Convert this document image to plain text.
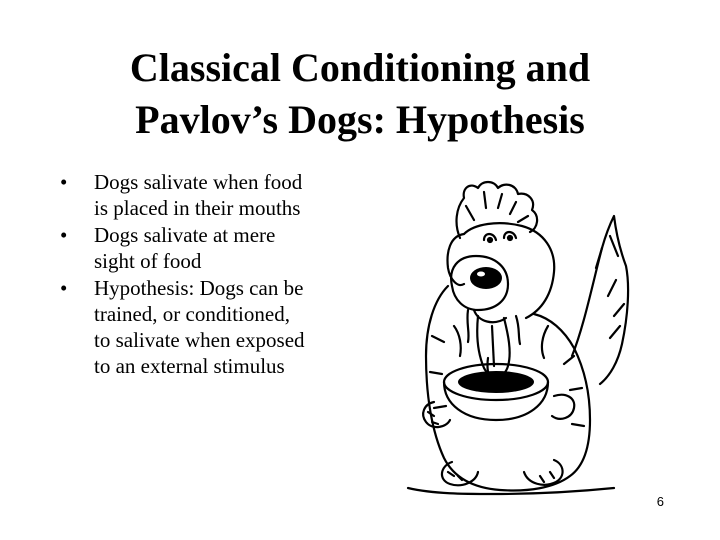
Classical Conditioning and
Pavlov’s Dogs: Hypothesis
• Dogs salivate when food
is placed in their mouths
• Dogs salivate at mere
sight of food
• Hypothesis: Dogs can be
trained, or conditioned,
to salivate when exposed
to an external stimulus
6
